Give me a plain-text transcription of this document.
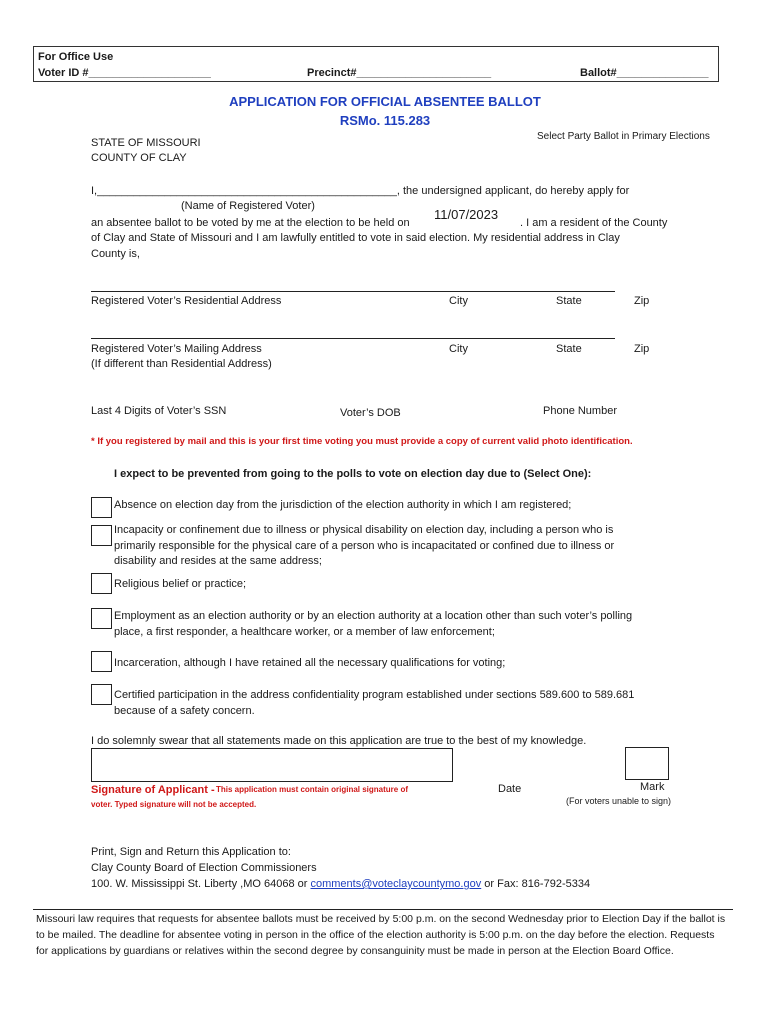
For Office Use
Voter ID #____________________	Precinct#______________________	Ballot#_______________
APPLICATION FOR OFFICIAL ABSENTEE BALLOT
RSMo. 115.283
STATE OF MISSOURI
COUNTY OF CLAY
Select Party Ballot in Primary Elections
I,_________________________________________________, the undersigned applicant, do hereby apply for
(Name of Registered Voter)
an absentee ballot to be voted by me at the election to be held on
11/07/2023
. I am a resident of the County
of Clay and State of Missouri and I am lawfully entitled to vote in said election. My residential address in Clay
County is,
Registered Voter’s Residential Address	City	State	Zip
Registered Voter’s Mailing Address
(If different than Residential Address)
City	State	Zip
Last 4 Digits of Voter’s SSN	Voter’s DOB	Phone Number
* If you registered by mail and this is your first time voting you must provide a copy of current valid photo identification.
I expect to be prevented from going to the polls to vote on election day due to (Select One):
Absence on election day from the jurisdiction of the election authority in which I am registered;
Incapacity or confinement due to illness or physical disability on election day, including a person who is primarily responsible for the physical care of a person who is incapacitated or confined due to illness or disability and resides at the same address;
Religious belief or practice;
Employment as an election authority or by an election authority at a location other than such voter’s polling place, a first responder, a healthcare worker, or a member of law enforcement;
Incarceration, although I have retained all the necessary qualifications for voting;
Certified participation in the address confidentiality program established under sections 589.600 to 589.681 because of a safety concern.
I do solemnly swear that all statements made on this application are true to the best of my knowledge.
Signature of Applicant - This application must contain original signature of
voter. Typed signature will not be accepted.
Date	Mark
(For voters unable to sign)
Print, Sign and Return this Application to:
Clay County Board of Election Commissioners
100. W. Mississippi St. Liberty ,MO 64068 or comments@voteclaycountymo.gov or Fax: 816-792-5334
Missouri law requires that requests for absentee ballots must be received by 5:00 p.m. on the second Wednesday prior to Election Day if the ballot is to be mailed. The deadline for absentee voting in person in the office of the election authority is 5:00 p.m. on the day before the election. Requests for applications by guardians or relatives within the second degree by consanguinity must be made in person at the Election Board Office.
